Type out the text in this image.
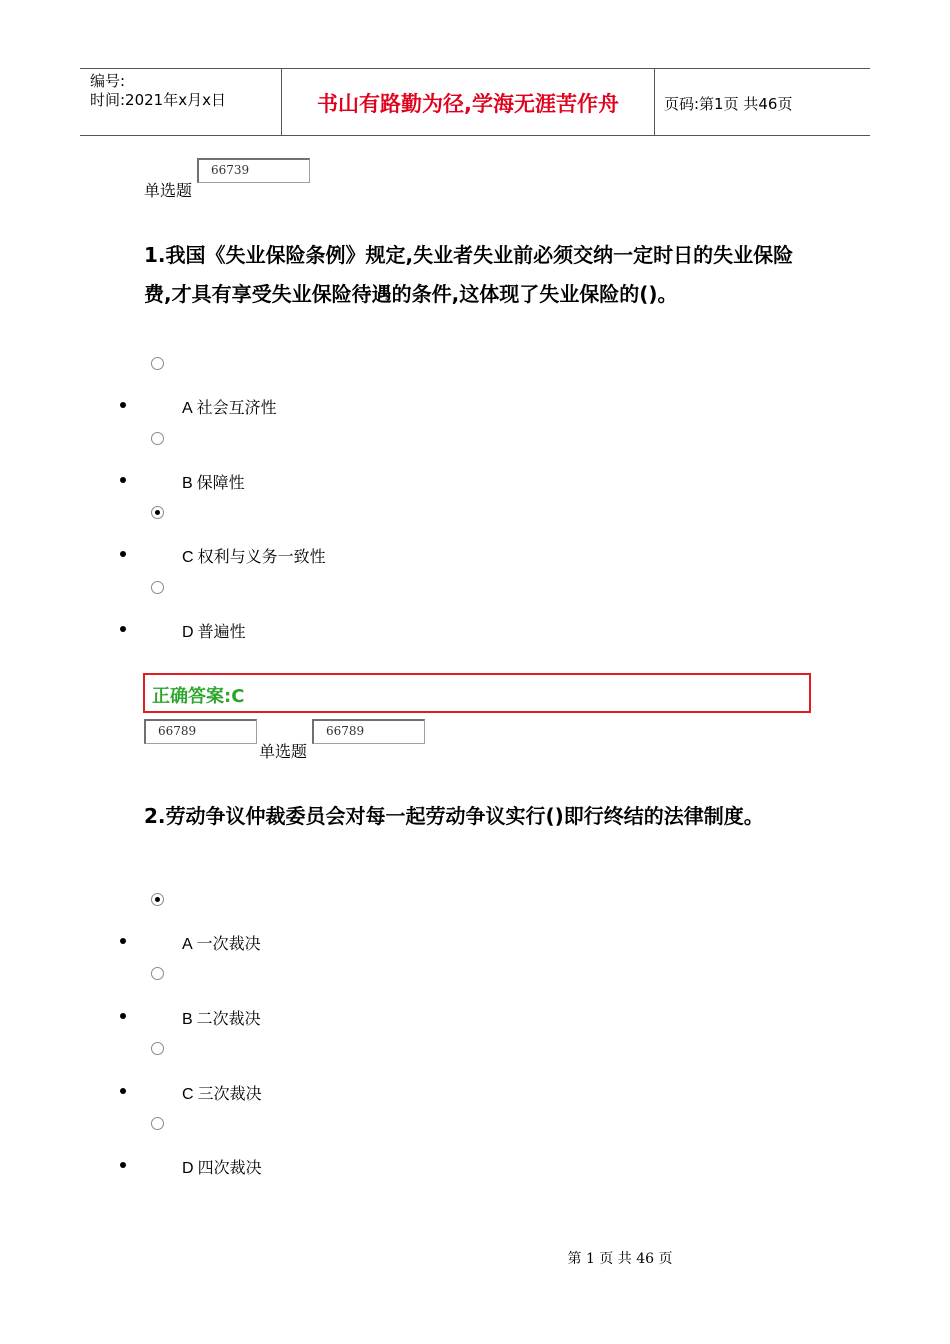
编号:
时间:2021年x月x日	书山有路勤为径,学海无涯苦作舟	页码:第1页 共46页
66739
单选题
1.我国《失业保险条例》规定,失业者失业前必须交纳一定时日的失业保险费,才具有享受失业保险待遇的条件,这体现了失业保险的()。
A 社会互济性
B 保障性
C 权利与义务一致性
D 普遍性
正确答案:C
66789
单选题
66789
2.劳动争议仲裁委员会对每一起劳动争议实行()即行终结的法律制度。
A 一次裁决
B 二次裁决
C 三次裁决
D 四次裁决
第 1 页 共 46 页
